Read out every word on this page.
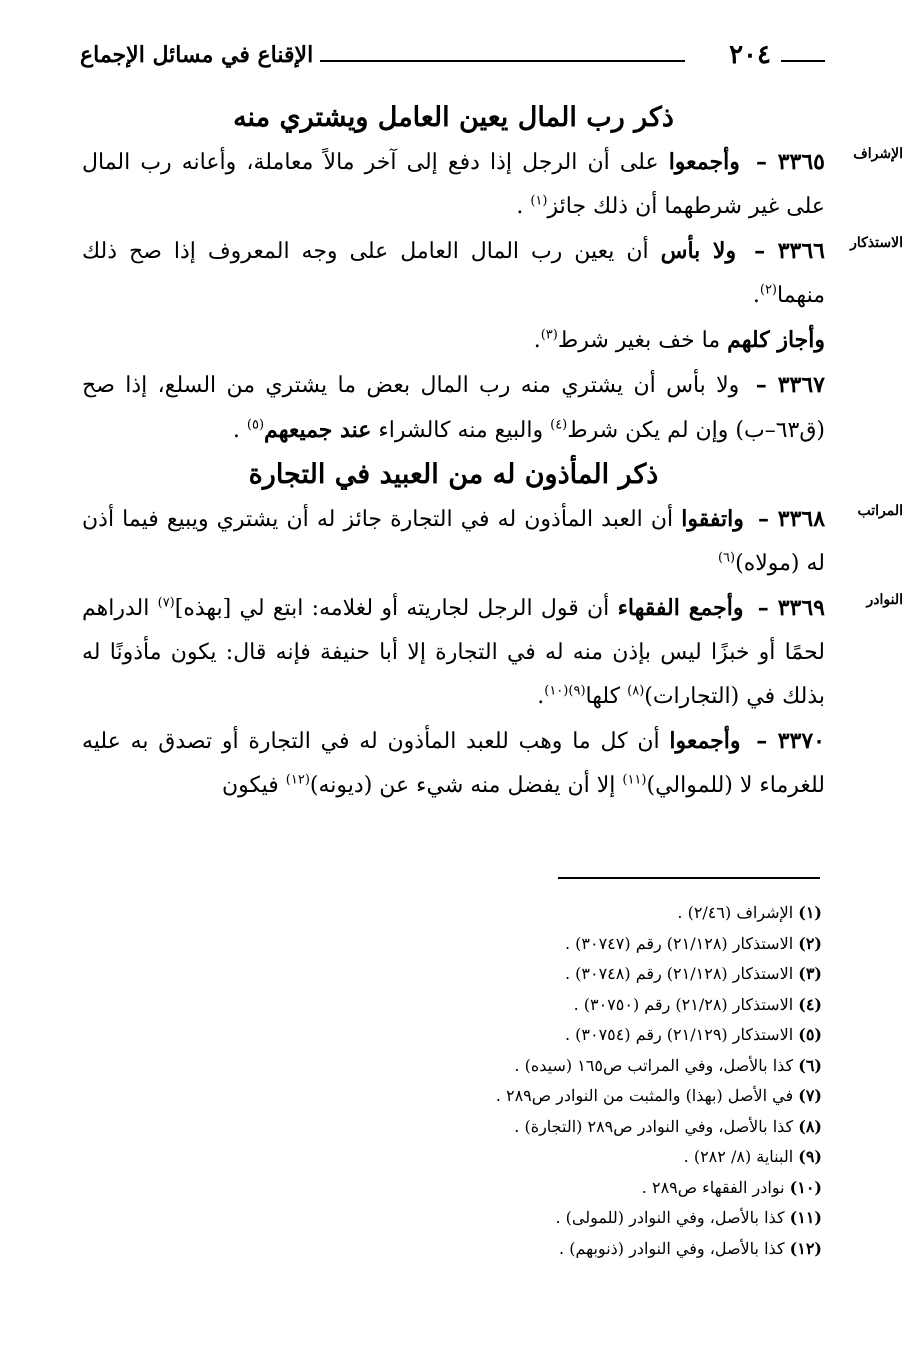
٢٠٤
الإقناع في مسائل الإجماع
ذكر رب المال يعين العامل ويشتري منه
الإشراف

٣٣٦٥ – وأجمعوا على أن الرجل إذا دفع إلى آخر مالاً معاملة، وأعانه رب المال على غير شرطهما أن ذلك جائز$^{(١)}$ .

الاستذكار

٣٣٦٦ – ولا بأس أن يعين رب المال العامل على وجه المعروف إذا صح ذلك منهما$^{(٢)}$.

وأجاز كلهم ما خف بغير شرط$^{(٣)}$.

٣٣٦٧ – ولا بأس أن يشتري منه رب المال بعض ما يشتري من السلع، إذا صح (ق٦٣–ب) وإن لم يكن شرط$^{(٤)}$ والبيع منه كالشراء عند جميعهم$^{(٥)}$ .

ذكر المأذون له من العبيد في التجارة
المراتب

٣٣٦٨ – واتفقوا أن العبد المأذون له في التجارة جائز له أن يشتري ويبيع فيما أذن له (مولاه)$^{(٦)}$

النوادر

٣٣٦٩ – وأجمع الفقهاء أن قول الرجل لجاريته أو لغلامه: ابتع لي [بهذه]$^{(٧)}$ الدراهم لحمًا أو خبزًا ليس بإذن منه له في التجارة إلا أبا حنيفة فإنه قال: يكون مأذونًا له بذلك في (التجارات)$^{(٨)}$ كلها$^{(٩)(١٠)}$.

٣٣٧٠ – وأجمعوا أن كل ما وهب للعبد المأذون له في التجارة أو تصدق به عليه للغرماء لا (للموالي)$^{(١١)}$ إلا أن يفضل منه شيء عن (ديونه)$^{(١٢)}$ فيكون

(١) الإشراف (٢/٤٦) .

(٢) الاستذكار (٢١/١٢٨) رقم (٣٠٧٤٧) .

(٣) الاستذكار (٢١/١٢٨) رقم (٣٠٧٤٨) .

(٤) الاستذكار (٢١/٢٨) رقم (٣٠٧٥٠) .

(٥) الاستذكار (٢١/١٢٩) رقم (٣٠٧٥٤) .

(٦) كذا بالأصل، وفي المراتب ص١٦٥ (سيده) .

(٧) في الأصل (بهذا) والمثبت من النوادر ص٢٨٩ .

(٨) كذا بالأصل، وفي النوادر ص٢٨٩ (التجارة) .

(٩) البناية (٨/ ٢٨٢) .

(١٠) نوادر الفقهاء ص٢٨٩ .

(١١) كذا بالأصل، وفي النوادر (للمولى) .

(١٢) كذا بالأصل، وفي النوادر (ذنوبهم) .
